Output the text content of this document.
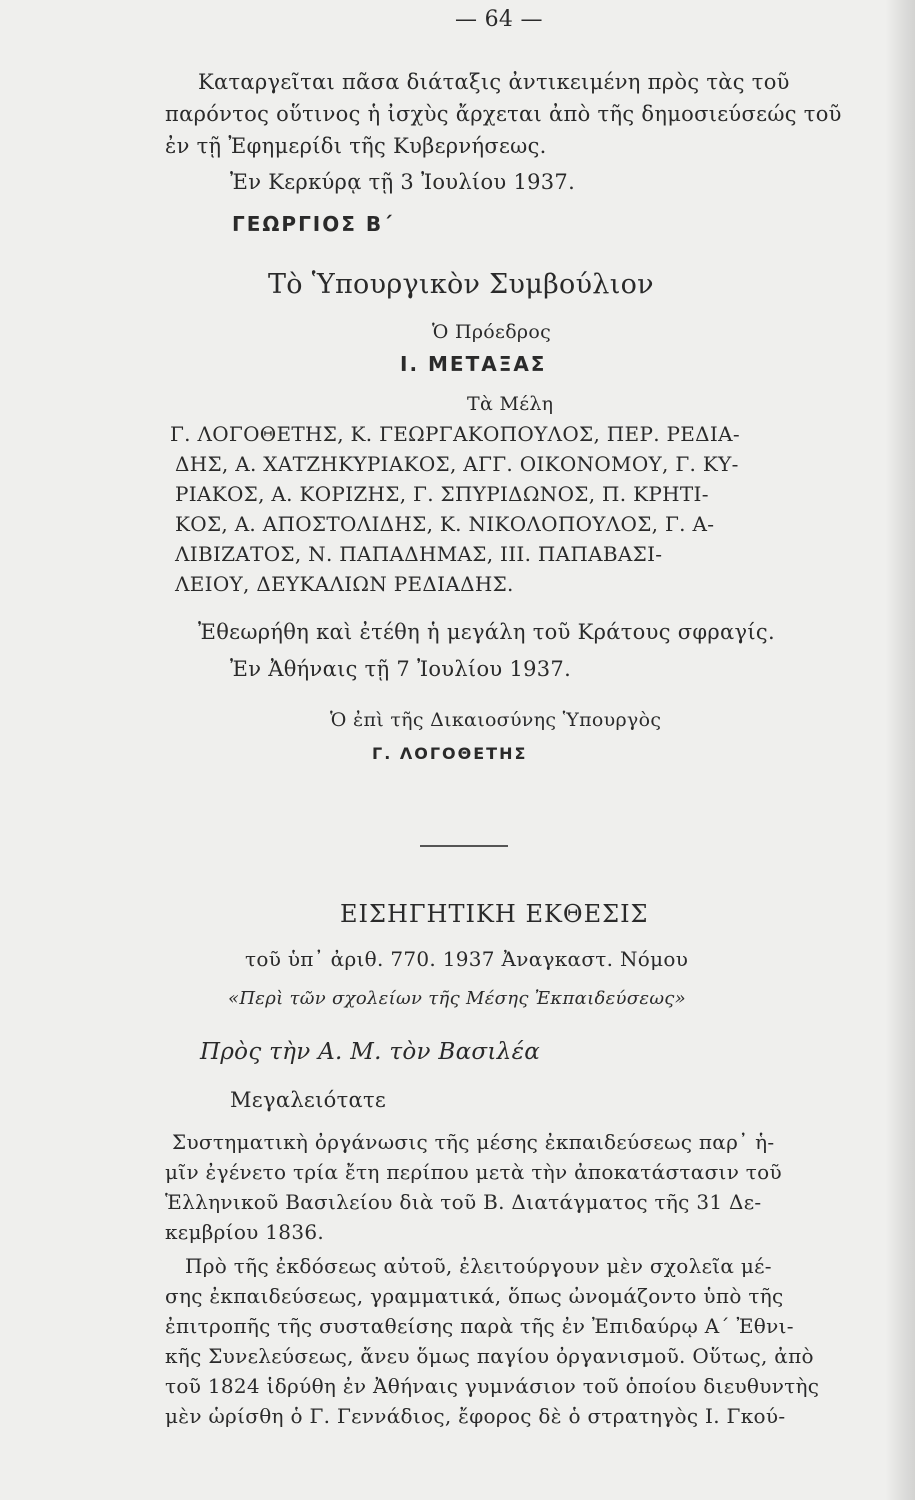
— 64 —
Καταργεῖται πᾶσα διάταξις ἀντικειμένη πρὸς τὰς τοῦ
παρόντος οὕτινος ἡ ἰσχὺς ἄρχεται ἀπὸ τῆς δημοσιεύσεώς τοῦ
ἐν τῇ Ἐφημερίδι τῆς Κυβερνήσεως.
Ἐν Κερκύρᾳ τῇ 3 Ἰουλίου 1937.
ΓΕΩΡΓΙΟΣ Β΄
Τὸ Ὑπουργικὸν Συμβούλιον
Ὁ Πρόεδρος
Ι. ΜΕΤΑΞΑΣ
Τὰ Μέλη
Γ. ΛΟΓΟΘΕΤΗΣ, Κ. ΓΕΩΡΓΑΚΟΠΟΥΛΟΣ, ΠΕΡ. ΡΕΔΙΑ-
ΔΗΣ, Α. ΧΑΤΖΗΚΥΡΙΑΚΟΣ, ΑΓΓ. ΟΙΚΟΝΟΜΟΥ, Γ. ΚΥ-
ΡΙΑΚΟΣ, Α. ΚΟΡΙΖΗΣ, Γ. ΣΠΥΡΙΔΩΝΟΣ, Π. ΚΡΗΤΙ-
ΚΟΣ, Α. ΑΠΟΣΤΟΛΙΔΗΣ, Κ. ΝΙΚΟΛΟΠΟΥΛΟΣ, Γ. Α-
ΛΙΒΙΖΑΤΟΣ, Ν. ΠΑΠΑΔΗΜΑΣ, ΙΙΙ. ΠΑΠΑΒΑΣΙ-
ΛΕΙΟΥ, ΔΕΥΚΑΛΙΩΝ ΡΕΔΙΑΔΗΣ.
Ἐθεωρήθη καὶ ἐτέθη ἡ μεγάλη τοῦ Κράτους σφραγίς.
Ἐν Ἀθήναις τῇ 7 Ἰουλίου 1937.
Ὁ ἐπὶ τῆς Δικαιοσύνης Ὑπουργὸς
Γ. ΛΟΓΟΘΕΤΗΣ
ΕΙΣΗΓΗΤΙΚΗ ΕΚΘΕΣΙΣ
τοῦ ὑπ᾽ ἀριθ. 770. 1937 Ἀναγκαστ. Νόμου
«Περὶ τῶν σχολείων τῆς Μέσης Ἐκπαιδεύσεως»
Πρὸς τὴν Α. Μ. τὸν Βασιλέα
Μεγαλειότατε
Συστηματικὴ ὀργάνωσις τῆς μέσης ἐκπαιδεύσεως παρ᾽ ἡ-
μῖν ἐγένετο τρία ἔτη περίπου μετὰ τὴν ἀποκατάστασιν τοῦ
Ἑλληνικοῦ Βασιλείου διὰ τοῦ Β. Διατάγματος τῆς 31 Δε-
κεμβρίου 1836.
Πρὸ τῆς ἐκδόσεως αὐτοῦ, ἐλειτούργουν μὲν σχολεῖα μέ-
σης ἐκπαιδεύσεως, γραμματικά, ὅπως ὠνομάζοντο ὑπὸ τῆς
ἐπιτροπῆς τῆς συσταθείσης παρὰ τῆς ἐν Ἐπιδαύρῳ Α΄ Ἐθνι-
κῆς Συνελεύσεως, ἄνευ ὅμως παγίου ὀργανισμοῦ. Οὕτως, ἀπὸ
τοῦ 1824 ἱδρύθη ἐν Ἀθήναις γυμνάσιον τοῦ ὁποίου διευθυντὴς
μὲν ὡρίσθη ὁ Γ. Γεννάδιος, ἔφορος δὲ ὁ στρατηγὸς Ι. Γκού-
